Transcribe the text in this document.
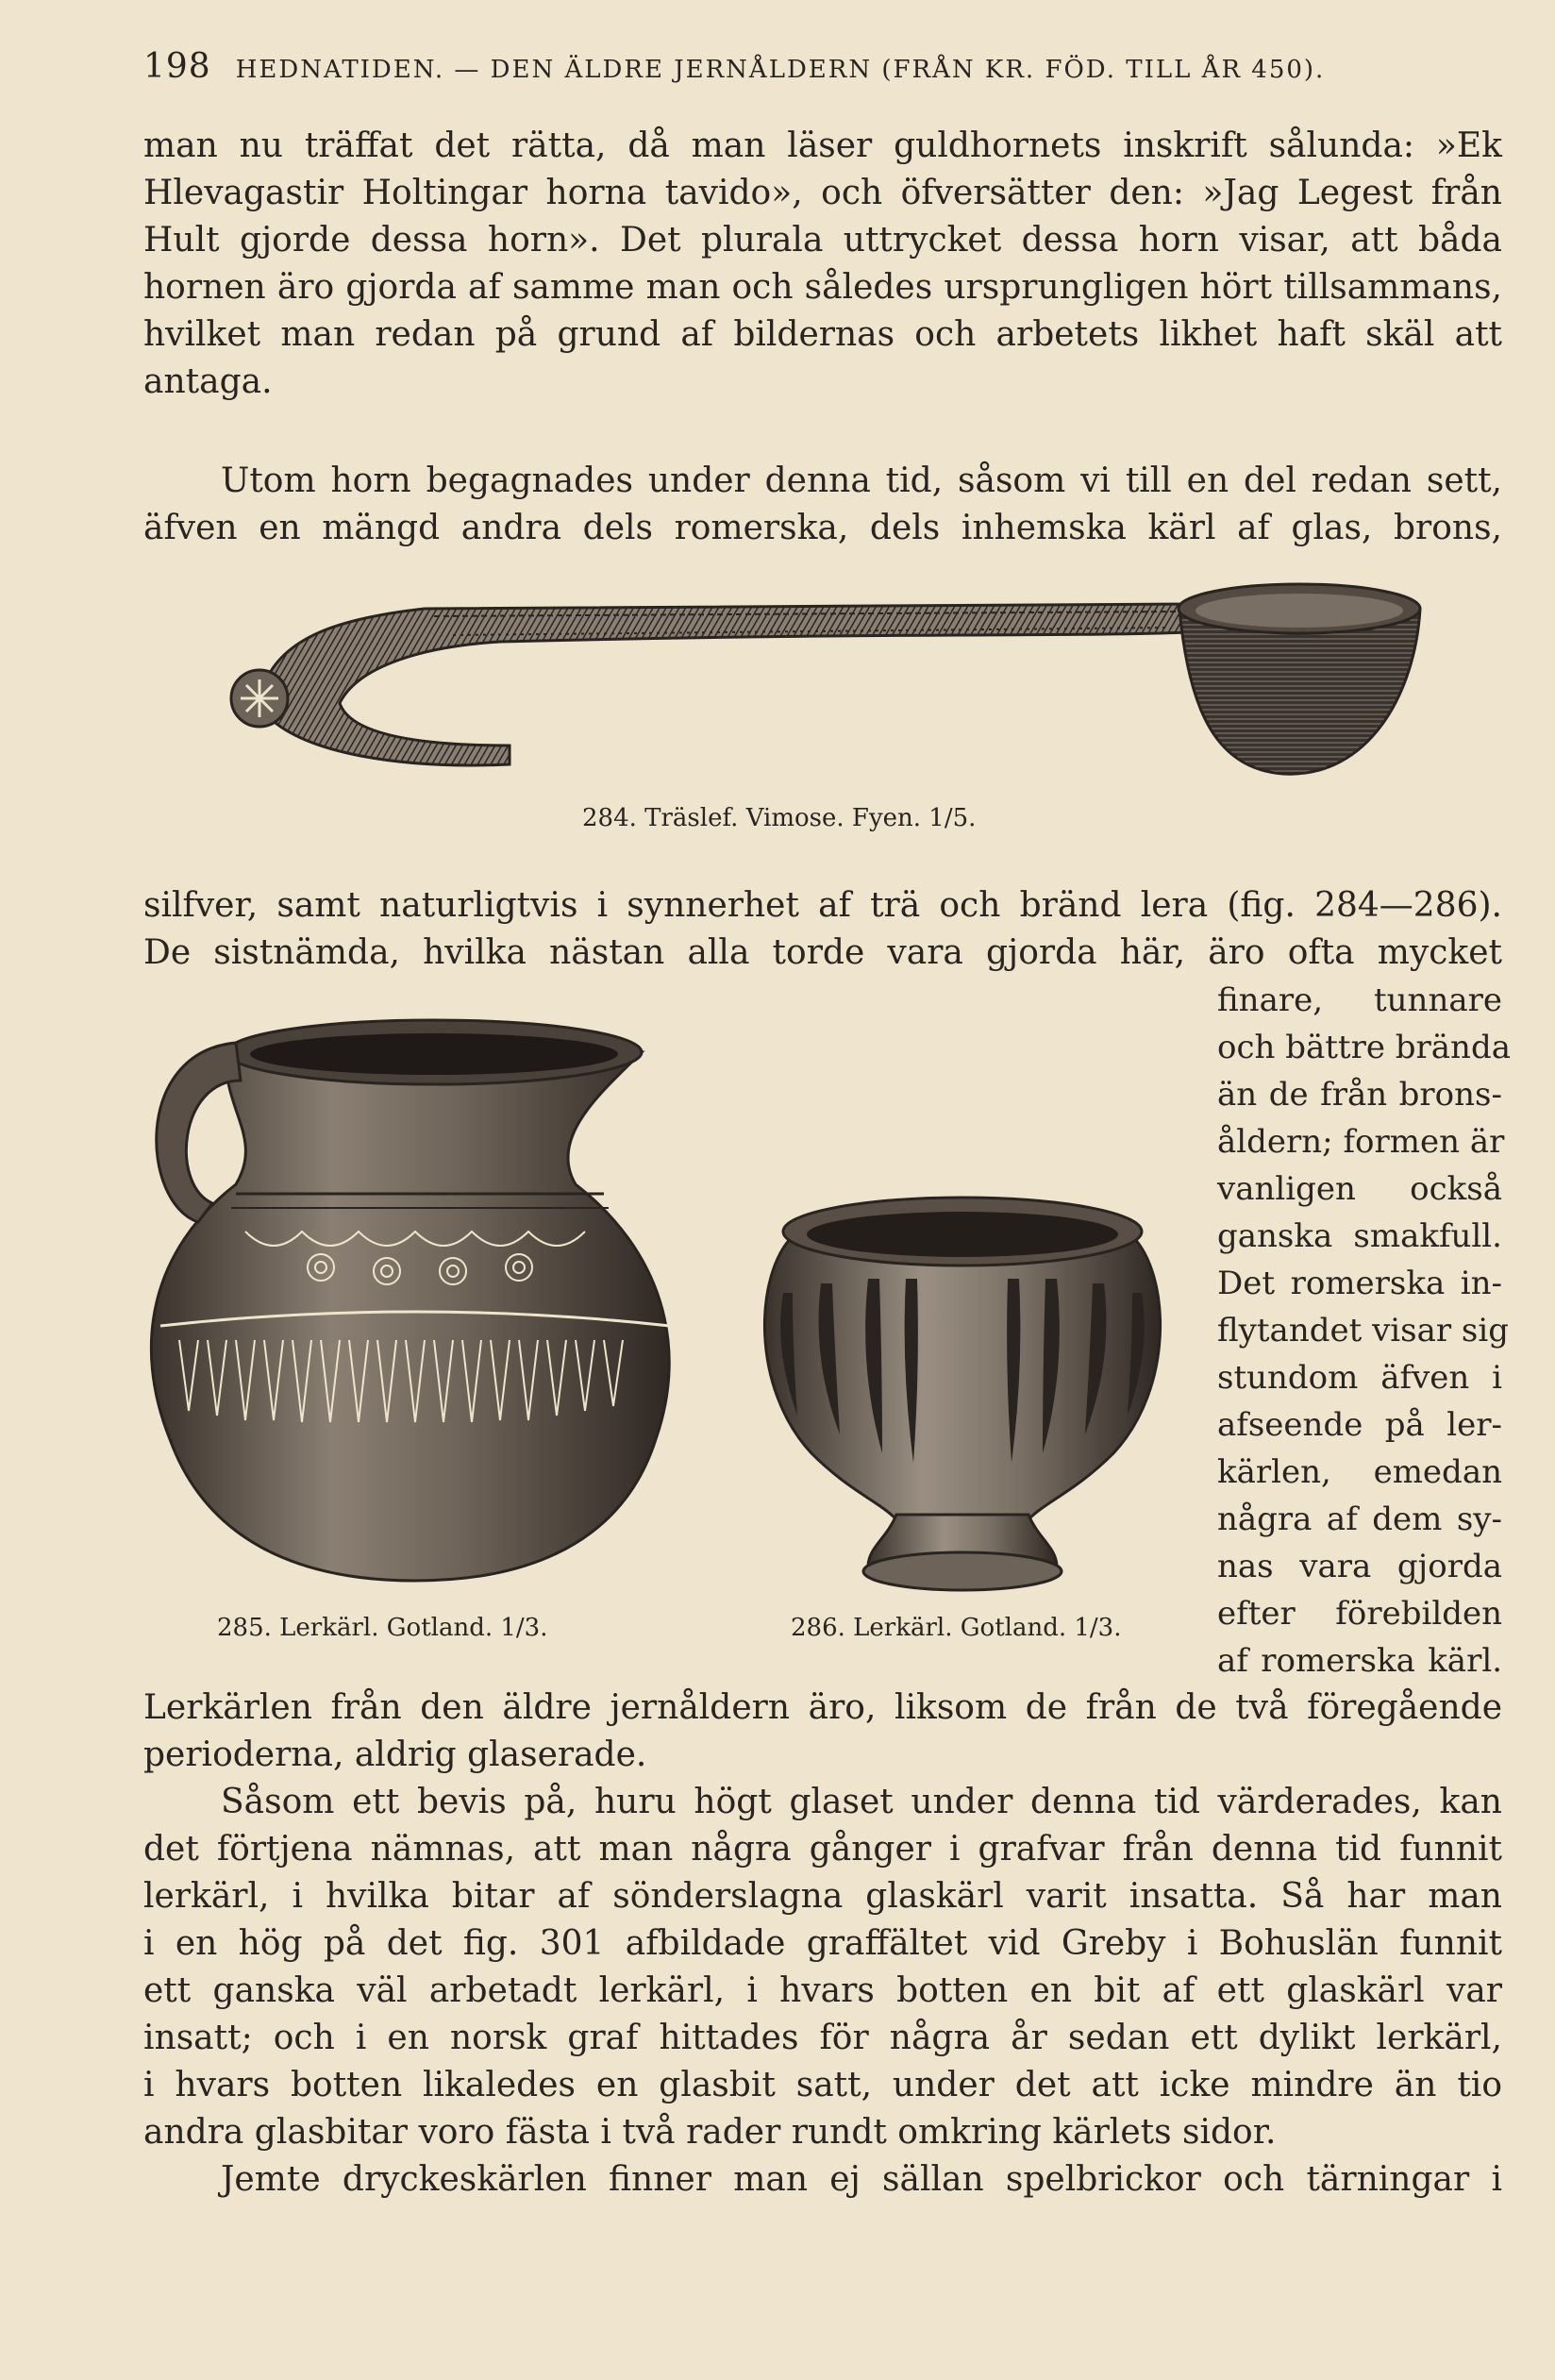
198 HEDNATIDEN. — DEN ÄLDRE JERNÅLDERN (FRÅN KR. FÖD. TILL ÅR 450).
man nu träffat det rätta, då man läser guldhornets inskrift sålunda: »Ek
Hlevagastir Holtingar horna tavido», och öfversätter den: »Jag Legest från
Hult gjorde dessa horn». Det plurala uttrycket dessa horn visar, att båda
hornen äro gjorda af samme man och således ursprungligen hört tillsammans,
hvilket man redan på grund af bildernas och arbetets likhet haft skäl att
antaga.
Utom horn begagnades under denna tid, såsom vi till en del redan sett,
äfven en mängd andra dels romerska, dels inhemska kärl af glas, brons,
284. Träslef. Vimose. Fyen. 1/5.
silfver, samt naturligtvis i synnerhet af trä och bränd lera (fig. 284—286).
De sistnämda, hvilka nästan alla torde vara gjorda här, äro ofta mycket
285. Lerkärl. Gotland. 1/3.	286. Lerkärl. Gotland. 1/3.
finare, tunnare
och bättre brända
än de från brons-
åldern; formen är
vanligen också
ganska smakfull.
Det romerska in-
flytandet visar sig
stundom äfven i
afseende på ler-
kärlen, emedan
några af dem sy-
nas vara gjorda
efter förebilden
af romerska kärl.
Lerkärlen från den äldre jernåldern äro, liksom de från de två föregående
perioderna, aldrig glaserade.
Såsom ett bevis på, huru högt glaset under denna tid värderades, kan
det förtjena nämnas, att man några gånger i grafvar från denna tid funnit
lerkärl, i hvilka bitar af sönderslagna glaskärl varit insatta. Så har man
i en hög på det fig. 301 afbildade graffältet vid Greby i Bohuslän funnit
ett ganska väl arbetadt lerkärl, i hvars botten en bit af ett glaskärl var
insatt; och i en norsk graf hittades för några år sedan ett dylikt lerkärl,
i hvars botten likaledes en glasbit satt, under det att icke mindre än tio
andra glasbitar voro fästa i två rader rundt omkring kärlets sidor.
Jemte dryckeskärlen finner man ej sällan spelbrickor och tärningar i
